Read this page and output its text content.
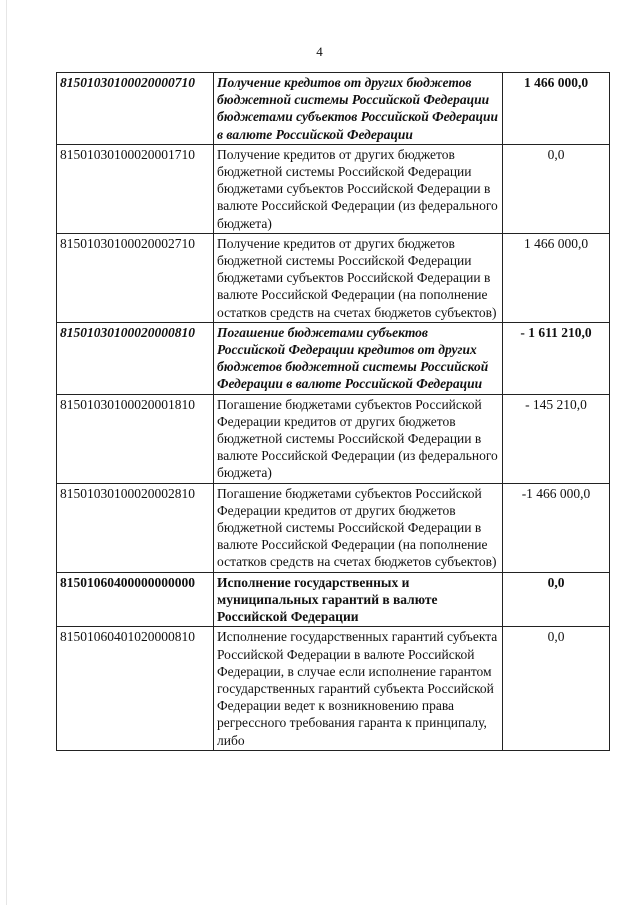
4
81501030100020000710	Получение кредитов от других бюджетов бюджетной системы Российской Федерации бюджетами субъектов Российской Федерации в валюте Российской Федерации	1 466 000,0
81501030100020001710	Получение кредитов от других бюджетов бюджетной системы Российской Федерации бюджетами субъектов Российской Федерации в валюте Российской Федерации (из федерального бюджета)	0,0
81501030100020002710	Получение кредитов от других бюджетов бюджетной системы Российской Федерации бюджетами субъектов Российской Федерации в валюте Российской Федерации (на пополнение остатков средств на счетах бюджетов субъектов)	1 466 000,0
81501030100020000810	Погашение бюджетами субъектов Российской Федерации кредитов от других бюджетов бюджетной системы Российской Федерации в валюте Российской Федерации	- 1 611 210,0
81501030100020001810	Погашение бюджетами субъектов Российской Федерации кредитов от других бюджетов бюджетной системы Российской Федерации в валюте Российской Федерации (из федерального бюджета)	- 145 210,0
81501030100020002810	Погашение бюджетами субъектов Российской Федерации кредитов от других бюджетов бюджетной системы Российской Федерации в валюте Российской Федерации (на пополнение остатков средств на счетах бюджетов субъектов)	-1 466 000,0
81501060400000000000	Исполнение государственных и муниципальных гарантий в валюте Российской Федерации	0,0
81501060401020000810	Исполнение государственных гарантий субъекта Российской Федерации в валюте Российской Федерации, в случае если исполнение гарантом государственных гарантий субъекта Российской Федерации ведет к возникновению права регрессного требования гаранта к принципалу, либо	0,0
